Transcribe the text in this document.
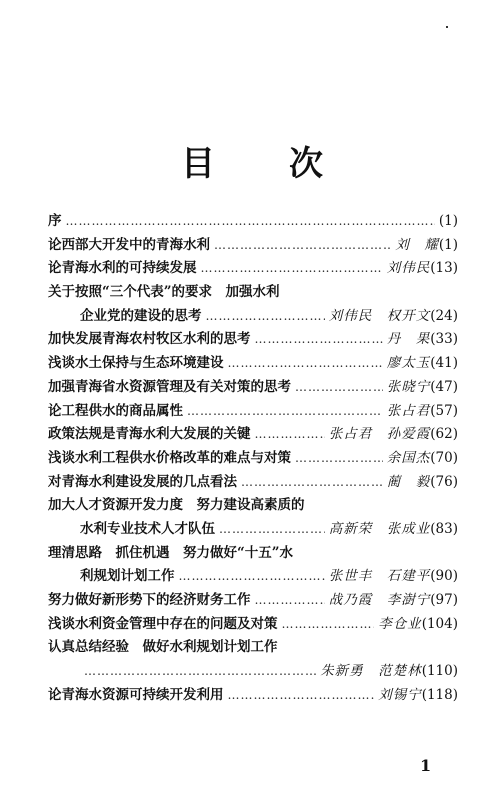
目 次
序 ……………………………………………………………………………………………………………………………………………………	(1)
论西部大开发中的青海水利 ……………………………………………………………………………………………………………………………………………………	刘　耀 (1)
论青海水利的可持续发展 ……………………………………………………………………………………………………………………………………………………	刘伟民 (13)
关于按照“三个代表”的要求　加强水利
企业党的建设的思考 ……………………………………………………………………………………………………………………………………………………	刘伟民　权开文 (24)
加快发展青海农村牧区水利的思考 ……………………………………………………………………………………………………………………………………………………	丹　果 (33)
浅谈水土保持与生态环境建设 ……………………………………………………………………………………………………………………………………………………	廖太玉 (41)
加强青海省水资源管理及有关对策的思考 ……………………………………………………………………………………………………………………………………………………	张晓宁 (47)
论工程供水的商品属性 ……………………………………………………………………………………………………………………………………………………	张占君 (57)
政策法规是青海水利大发展的关键 ……………………………………………………………………………………………………………………………………………………	张占君　孙爱霞 (62)
浅谈水利工程供水价格改革的难点与对策 ……………………………………………………………………………………………………………………………………………………	余国杰 (70)
对青海水利建设发展的几点看法 ……………………………………………………………………………………………………………………………………………………	蔺　毅 (76)
加大人才资源开发力度　努力建设高素质的
水利专业技术人才队伍 ……………………………………………………………………………………………………………………………………………………	高新荣　张成业 (83)
理清思路　抓住机遇　努力做好“十五”水
利规划计划工作 ……………………………………………………………………………………………………………………………………………………	张世丰　石建平 (90)
努力做好新形势下的经济财务工作 ……………………………………………………………………………………………………………………………………………………	战乃霞　李澍宁 (97)
浅谈水利资金管理中存在的问题及对策 ……………………………………………………………………………………………………………………………………………………	李仓业 (104)
认真总结经验　做好水利规划计划工作
……………………………………………………………………………………………………………………………………………………
朱新勇　范楚林 (110)
论青海水资源可持续开发利用 ……………………………………………………………………………………………………………………………………………………	刘锡宁 (118)
1
